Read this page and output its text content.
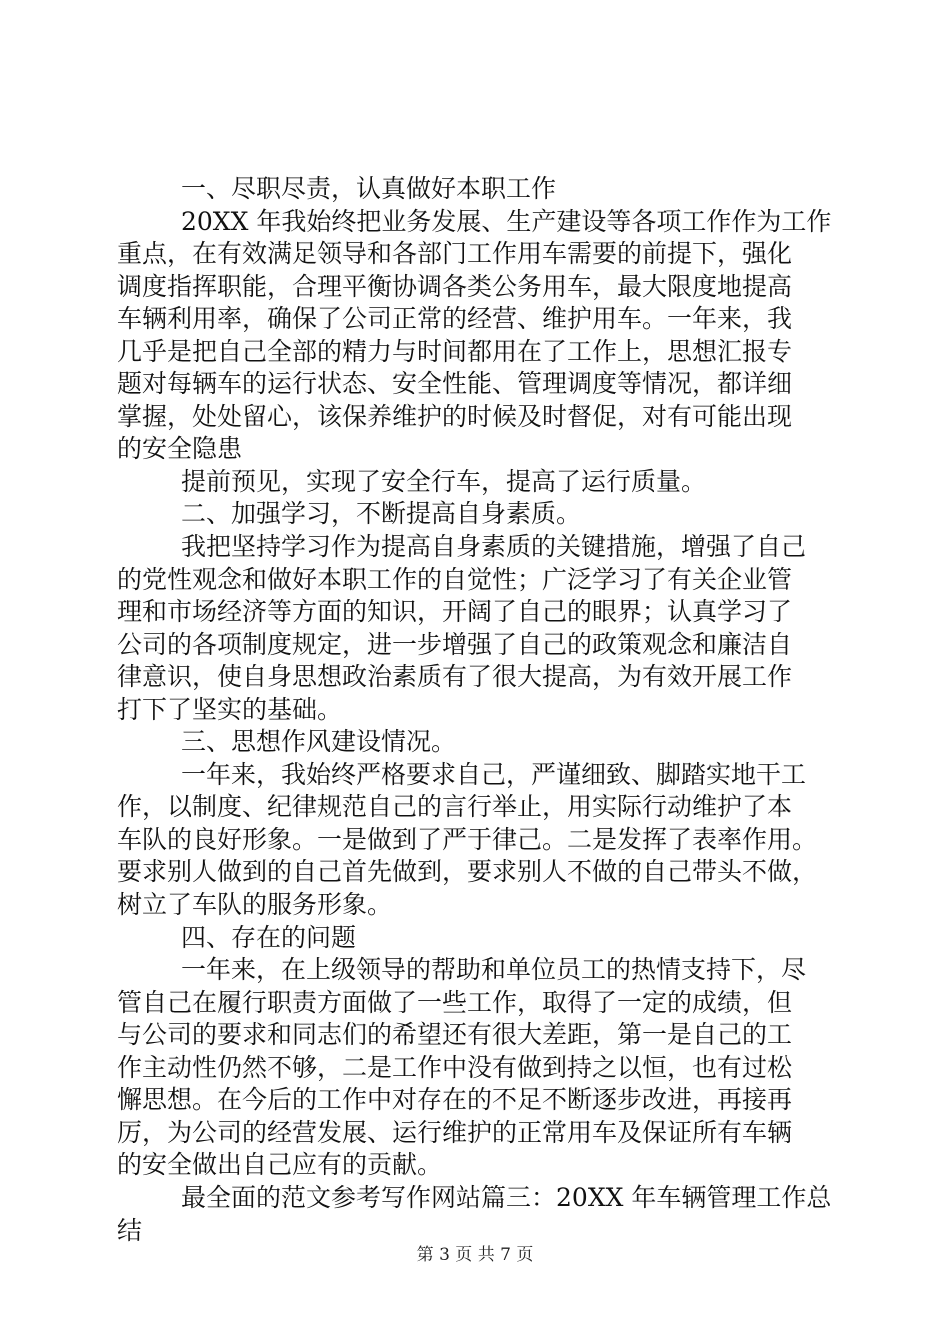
一、尽职尽责，认真做好本职工作
20XX 年我始终把业务发展、生产建设等各项工作作为工作
重点，在有效满足领导和各部门工作用车需要的前提下，强化
调度指挥职能，合理平衡协调各类公务用车，最大限度地提高
车辆利用率，确保了公司正常的经营、维护用车。一年来，我
几乎是把自己全部的精力与时间都用在了工作上，思想汇报专
题对每辆车的运行状态、安全性能、管理调度等情况，都详细
掌握，处处留心，该保养维护的时候及时督促，对有可能出现
的安全隐患
提前预见，实现了安全行车，提高了运行质量。
二、加强学习，不断提高自身素质。
我把坚持学习作为提高自身素质的关键措施，增强了自己
的党性观念和做好本职工作的自觉性；广泛学习了有关企业管
理和市场经济等方面的知识，开阔了自己的眼界；认真学习了
公司的各项制度规定，进一步增强了自己的政策观念和廉洁自
律意识，使自身思想政治素质有了很大提高，为有效开展工作
打下了坚实的基础。
三、思想作风建设情况。
一年来，我始终严格要求自己，严谨细致、脚踏实地干工
作，以制度、纪律规范自己的言行举止，用实际行动维护了本
车队的良好形象。一是做到了严于律己。二是发挥了表率作用。
要求别人做到的自己首先做到，要求别人不做的自己带头不做，
树立了车队的服务形象。
四、存在的问题
一年来，在上级领导的帮助和单位员工的热情支持下，尽
管自己在履行职责方面做了一些工作，取得了一定的成绩，但
与公司的要求和同志们的希望还有很大差距，第一是自己的工
作主动性仍然不够，二是工作中没有做到持之以恒，也有过松
懈思想。在今后的工作中对存在的不足不断逐步改进，再接再
厉，为公司的经营发展、运行维护的正常用车及保证所有车辆
的安全做出自己应有的贡献。
最全面的范文参考写作网站篇三：20XX 年车辆管理工作总
结
第 3 页 共 7 页
